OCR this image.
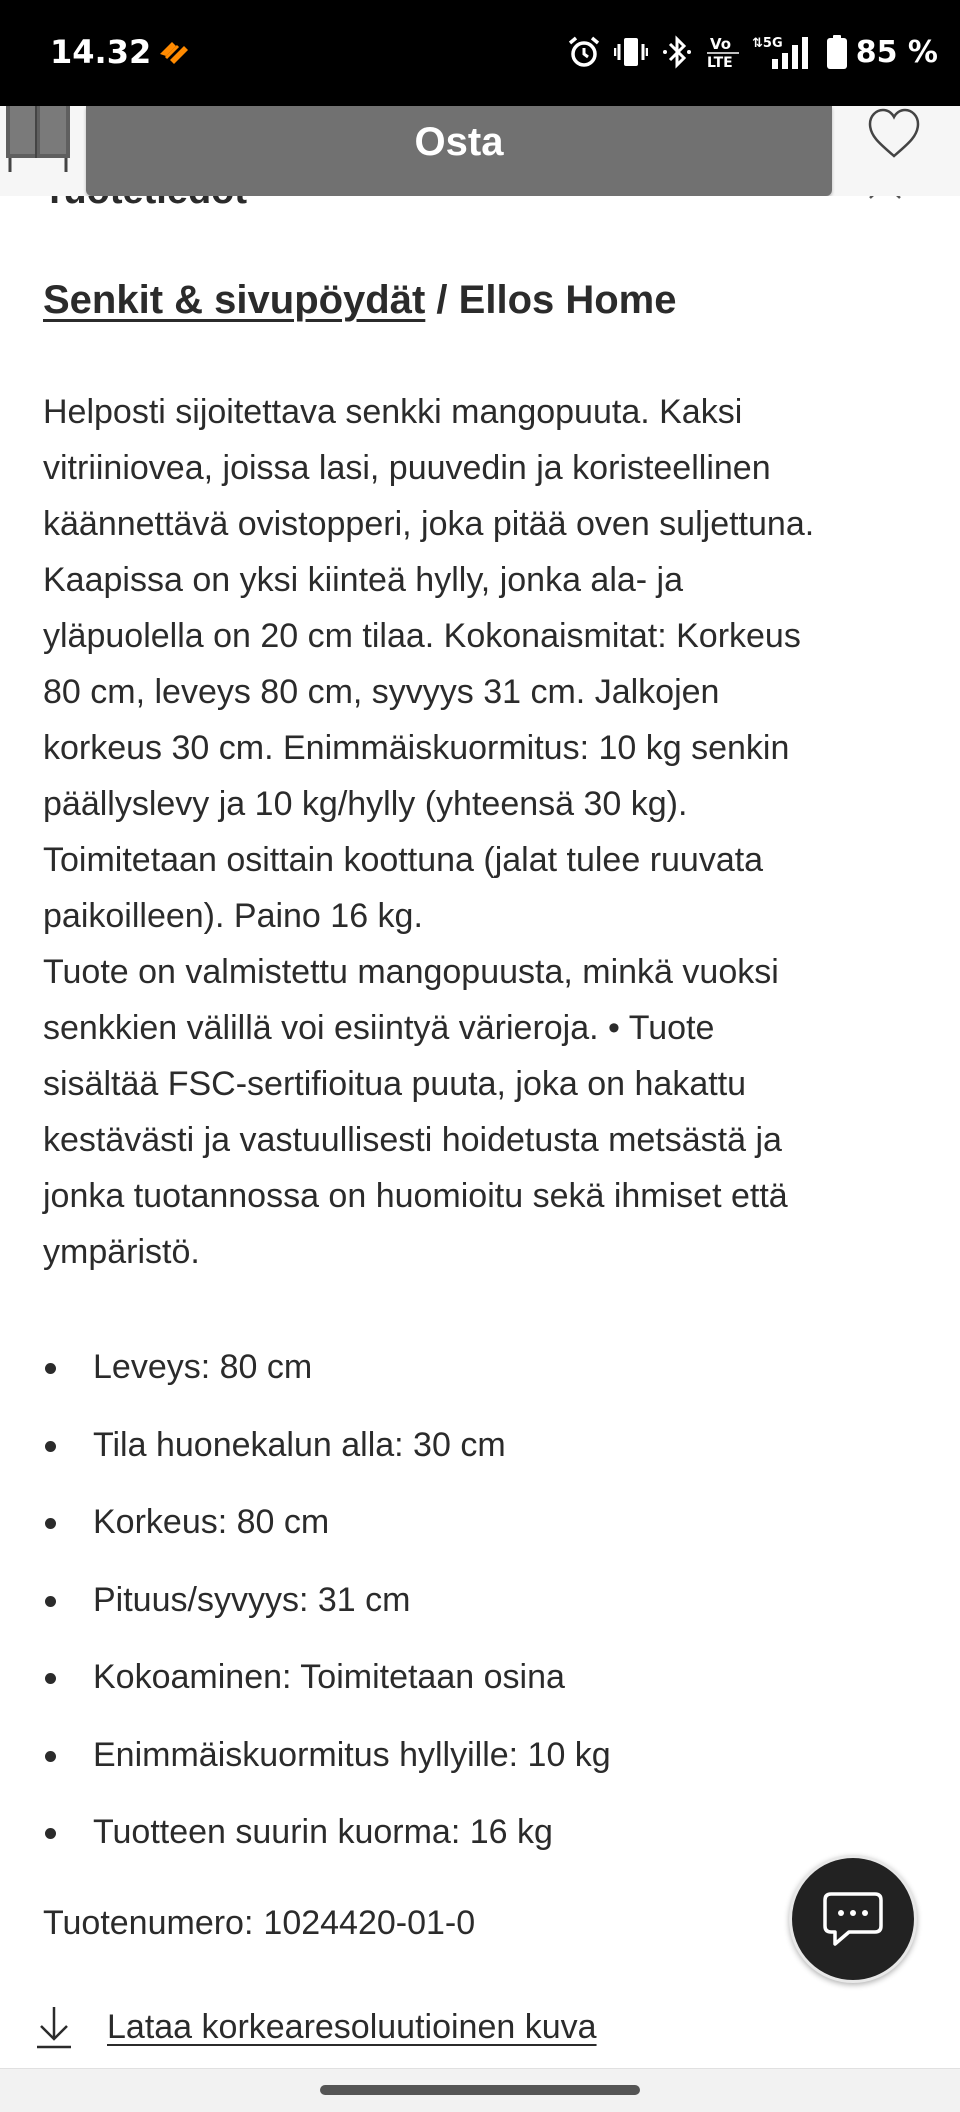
14.32	Vo
LTE
⇅5G 85 %
Osta
Senkit & sivupöydät / Ellos Home
Helposti sijoitettava senkki mangopuuta. Kaksi
vitriiniovea, joissa lasi, puuvedin ja koristeellinen
käännettävä ovistopperi, joka pitää oven suljettuna.
Kaapissa on yksi kiinteä hylly, jonka ala- ja
yläpuolella on 20 cm tilaa. Kokonaismitat: Korkeus
80 cm, leveys 80 cm, syvyys 31 cm. Jalkojen
korkeus 30 cm. Enimmäiskuormitus: 10 kg senkin
päällyslevy ja 10 kg/hylly (yhteensä 30 kg).
Toimitetaan osittain koottuna (jalat tulee ruuvata
paikoilleen). Paino 16 kg.
Tuote on valmistettu mangopuusta, minkä vuoksi
senkkien välillä voi esiintyä värieroja. • Tuote
sisältää FSC-sertifioitua puuta, joka on hakattu
kestävästi ja vastuullisesti hoidetusta metsästä ja
jonka tuotannossa on huomioitu sekä ihmiset että
ympäristö.
Leveys: 80 cm
Tila huonekalun alla: 30 cm
Korkeus: 80 cm
Pituus/syvyys: 31 cm
Kokoaminen: Toimitetaan osina
Enimmäiskuormitus hyllyille: 10 kg
Tuotteen suurin kuorma: 16 kg
Tuotenumero: 1024420-01-0
Lataa korkearesoluutioinen kuva
